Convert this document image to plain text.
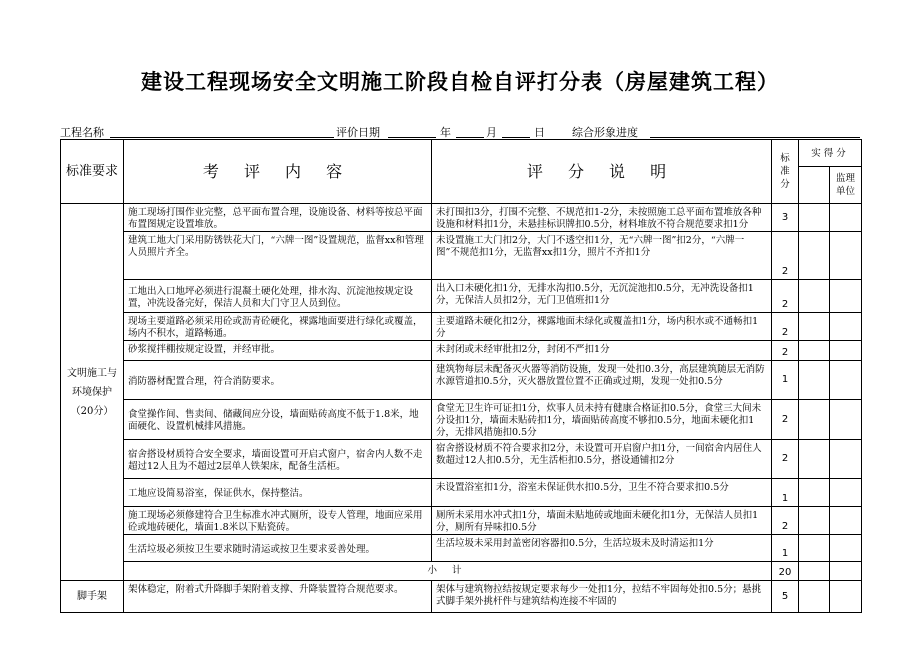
建设工程现场安全文明施工阶段自检自评打分表（房屋建筑工程）
工程名称	评价日期	年	月	日 综合形象进度
标准要求	考 评 内 容	评 分 说 明	标准分	实得分	
					监理单位
文明施工与环境保护（20分）	施工现场打围作业完整，总平面布置合理，设施设备、材料等按总平面布置图规定设置堆放。	未打围扣3分，打围不完整、不规范扣1-2分，未按照施工总平面布置堆放各种设施和材料扣1分，未悬挂标识牌扣0.5分，材料堆放不符合规范要求扣1分	3		
	建筑工地大门采用防锈铁花大门，“六牌一图”设置规范，监督xx和管理人员照片齐全。	未设置施工大门扣2分，大门不透空扣1分，无“六牌一图”扣2分，“六牌一图”不规范扣1分，无监督xx扣1分，照片不齐扣1分	2		
	工地出入口地坪必须进行混凝土硬化处理，排水沟、沉淀池按规定设置，冲洗设备完好，保洁人员和大门守卫人员到位。	出入口未硬化扣1分，无排水沟扣0.5分，无沉淀池扣0.5分，无冲洗设备扣1分，无保洁人员扣2分，无门卫值班扣1分	2		
	现场主要道路必须采用砼或沥青砼硬化，裸露地面要进行绿化或覆盖，场内不积水，道路畅通。	主要道路未硬化扣2分，裸露地面未绿化或覆盖扣1分，场内积水或不通畅扣1分	2		
	砂浆搅拌棚按规定设置，并经审批。	未封闭或未经审批扣2分，封闭不严扣1分	2		
	消防器材配置合理，符合消防要求。	建筑物每层未配备灭火器等消防设施，发现一处扣0.3分，高层建筑随层无消防水源管道扣0.5分，灭火器放置位置不正确或过期，发现一处扣0.5分	1		
	食堂操作间、售卖间、储藏间应分设，墙面贴砖高度不低于1.8米，地面硬化、设置机械排风措施。	食堂无卫生许可证扣1分，炊事人员未持有健康合格证扣0.5分，食堂三大间未分设扣1分，墙面未贴砖扣1分，墙面贴砖高度不够扣0.5分，地面未硬化扣1分，无排风措施扣0.5分	2		
	宿舍搭设材质符合安全要求，墙面设置可开启式窗户，宿舍内人数不走超过12人且为不超过2层单人铁架床，配备生活柜。	宿舍搭设材质不符合要求扣2分，未设置可开启窗户扣1分，一间宿舍内居住人数超过12人扣0.5分，无生活柜扣0.5分，搭设通铺扣2分	2		
	工地应设简易浴室，保证供水，保持整洁。	未设置浴室扣1分，浴室未保证供水扣0.5分，卫生不符合要求扣0.5分	1		
	施工现场必须修建符合卫生标准水冲式厕所，设专人管理，地面应采用砼或地砖硬化，墙面1.8米以下贴瓷砖。	厕所未采用水冲式扣1分，墙面未贴地砖或地面未硬化扣1分，无保洁人员扣1分，厕所有异味扣0.5分	2		
	生活垃圾必须按卫生要求随时清运或按卫生要求妥善处理。	生活垃圾未采用封盖密闭容器扣0.5分，生活垃圾未及时清运扣1分	1		
	小 计		20		
脚手架	架体稳定，附着式升降脚手架附着支撑、升降装置符合规范要求。	架体与建筑物拉结按规定要求每少一处扣1分，拉结不牢固每处扣0.5分；悬挑式脚手架外挑杆件与建筑结构连接不牢固的	5		
